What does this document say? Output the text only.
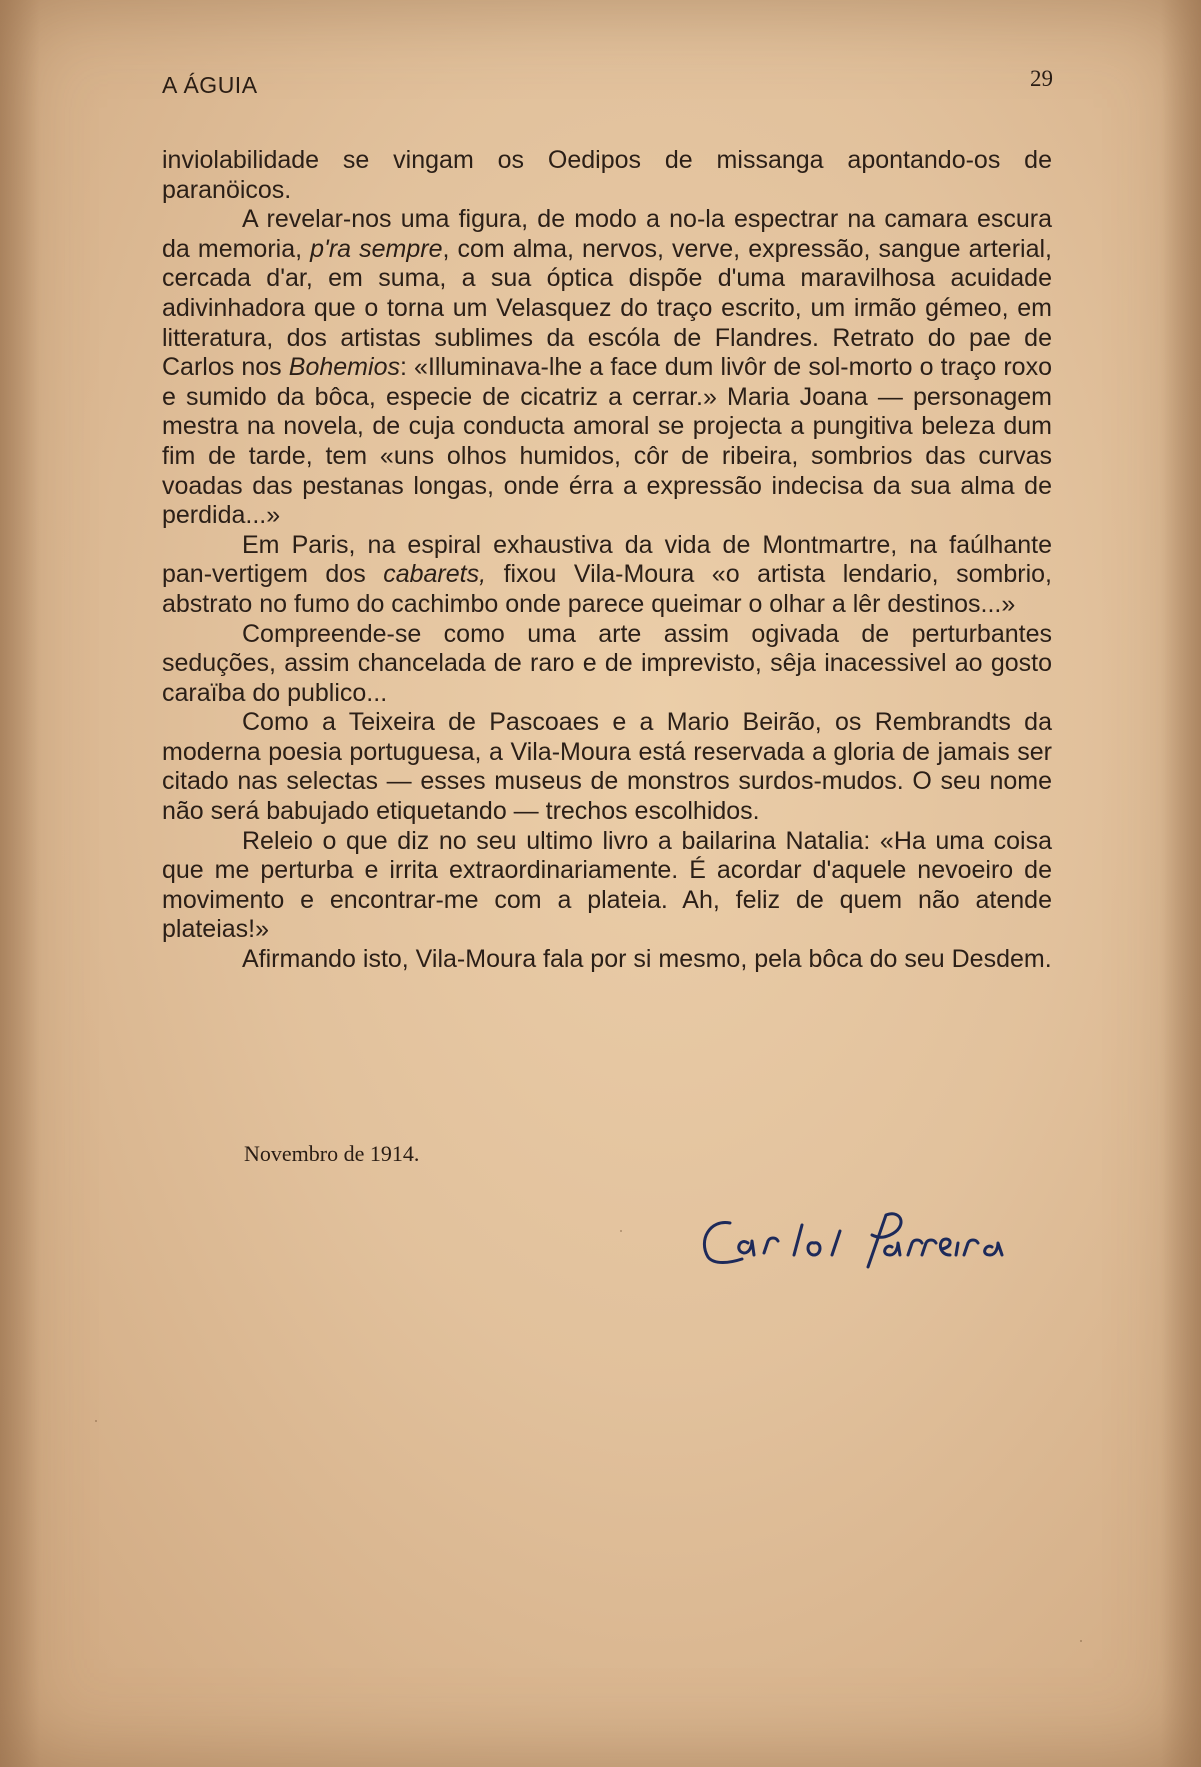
A ÁGUIA	29

inviolabilidade se vingam os Oedipos de missanga apontando-os de paranöicos.

A revelar-nos uma figura, de modo a no-la espectrar na camara escura da memoria, p'ra sempre, com alma, nervos, verve, expressão, sangue arterial, cercada d'ar, em suma, a sua óptica dispõe d'uma maravilhosa acuidade adivinhadora que o torna um Velasquez do traço escrito, um irmão gémeo, em litteratura, dos artistas sublimes da escóla de Flandres. Retrato do pae de Carlos nos Bohemios: «Illuminava-lhe a face dum livôr de sol-morto o traço roxo e sumido da bôca, especie de cicatriz a cerrar.» Maria Joana — personagem mestra na novela, de cuja conducta amoral se projecta a pungitiva beleza dum fim de tarde, tem «uns olhos humidos, côr de ribeira, sombrios das curvas voadas das pestanas longas, onde érra a expressão indecisa da sua alma de perdida...»

Em Paris, na espiral exhaustiva da vida de Montmartre, na faúlhante pan-vertigem dos cabarets, fixou Vila-Moura «o artista lendario, sombrio, abstrato no fumo do cachimbo onde parece queimar o olhar a lêr destinos...»

Compreende-se como uma arte assim ogivada de perturbantes seduções, assim chancelada de raro e de imprevisto, sêja inacessivel ao gosto caraïba do publico...

Como a Teixeira de Pascoaes e a Mario Beirão, os Rembrandts da moderna poesia portuguesa, a Vila-Moura está reservada a gloria de jamais ser citado nas selectas — esses museus de monstros surdos-mudos. O seu nome não será babujado etiquetando — trechos escolhidos.

Releio o que diz no seu ultimo livro a bailarina Natalia: «Ha uma coisa que me perturba e irrita extraordinariamente. É acordar d'aquele nevoeiro de movimento e encontrar-me com a plateia. Ah, feliz de quem não atende plateias!»

Afirmando isto, Vila-Moura fala por si mesmo, pela bôca do seu Desdem.

Novembro de 1914.
